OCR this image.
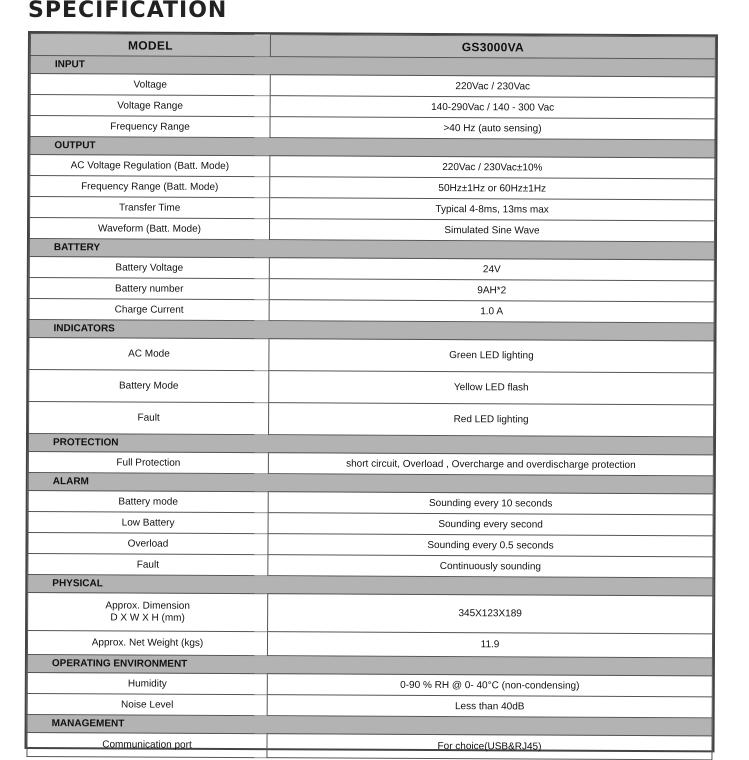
SPECIFICATION
MODEL	GS3000VA
INPUT	
Voltage	220Vac / 230Vac
Voltage Range	140-290Vac / 140 - 300 Vac
Frequency Range	>40 Hz (auto sensing)
OUTPUT	
AC Voltage Regulation (Batt. Mode)	220Vac / 230Vac±10%
Frequency Range (Batt. Mode)	50Hz±1Hz or 60Hz±1Hz
Transfer Time	Typical 4-8ms, 13ms max
Waveform (Batt. Mode)	Simulated Sine Wave
BATTERY	
Battery Voltage	24V
Battery number	9AH*2
Charge Current	1.0 A
INDICATORS	
AC Mode	Green LED lighting
Battery Mode	Yellow LED flash
Fault	Red LED lighting
PROTECTION	
Full Protection	short circuit, Overload , Overcharge and overdischarge protection
ALARM	
Battery mode	Sounding every 10 seconds
Low Battery	Sounding every second
Overload	Sounding every 0.5 seconds
Fault	Continuously sounding
PHYSICAL	

Approx. Dimension
D X W X H (mm)	345X123X189
Approx. Net Weight (kgs)	11.9
OPERATING ENVIRONMENT	
Humidity	0-90 % RH @ 0- 40°C (non-condensing)
Noise Level	Less than 40dB
MANAGEMENT	
Communication port	For choice(USB&RJ45)
